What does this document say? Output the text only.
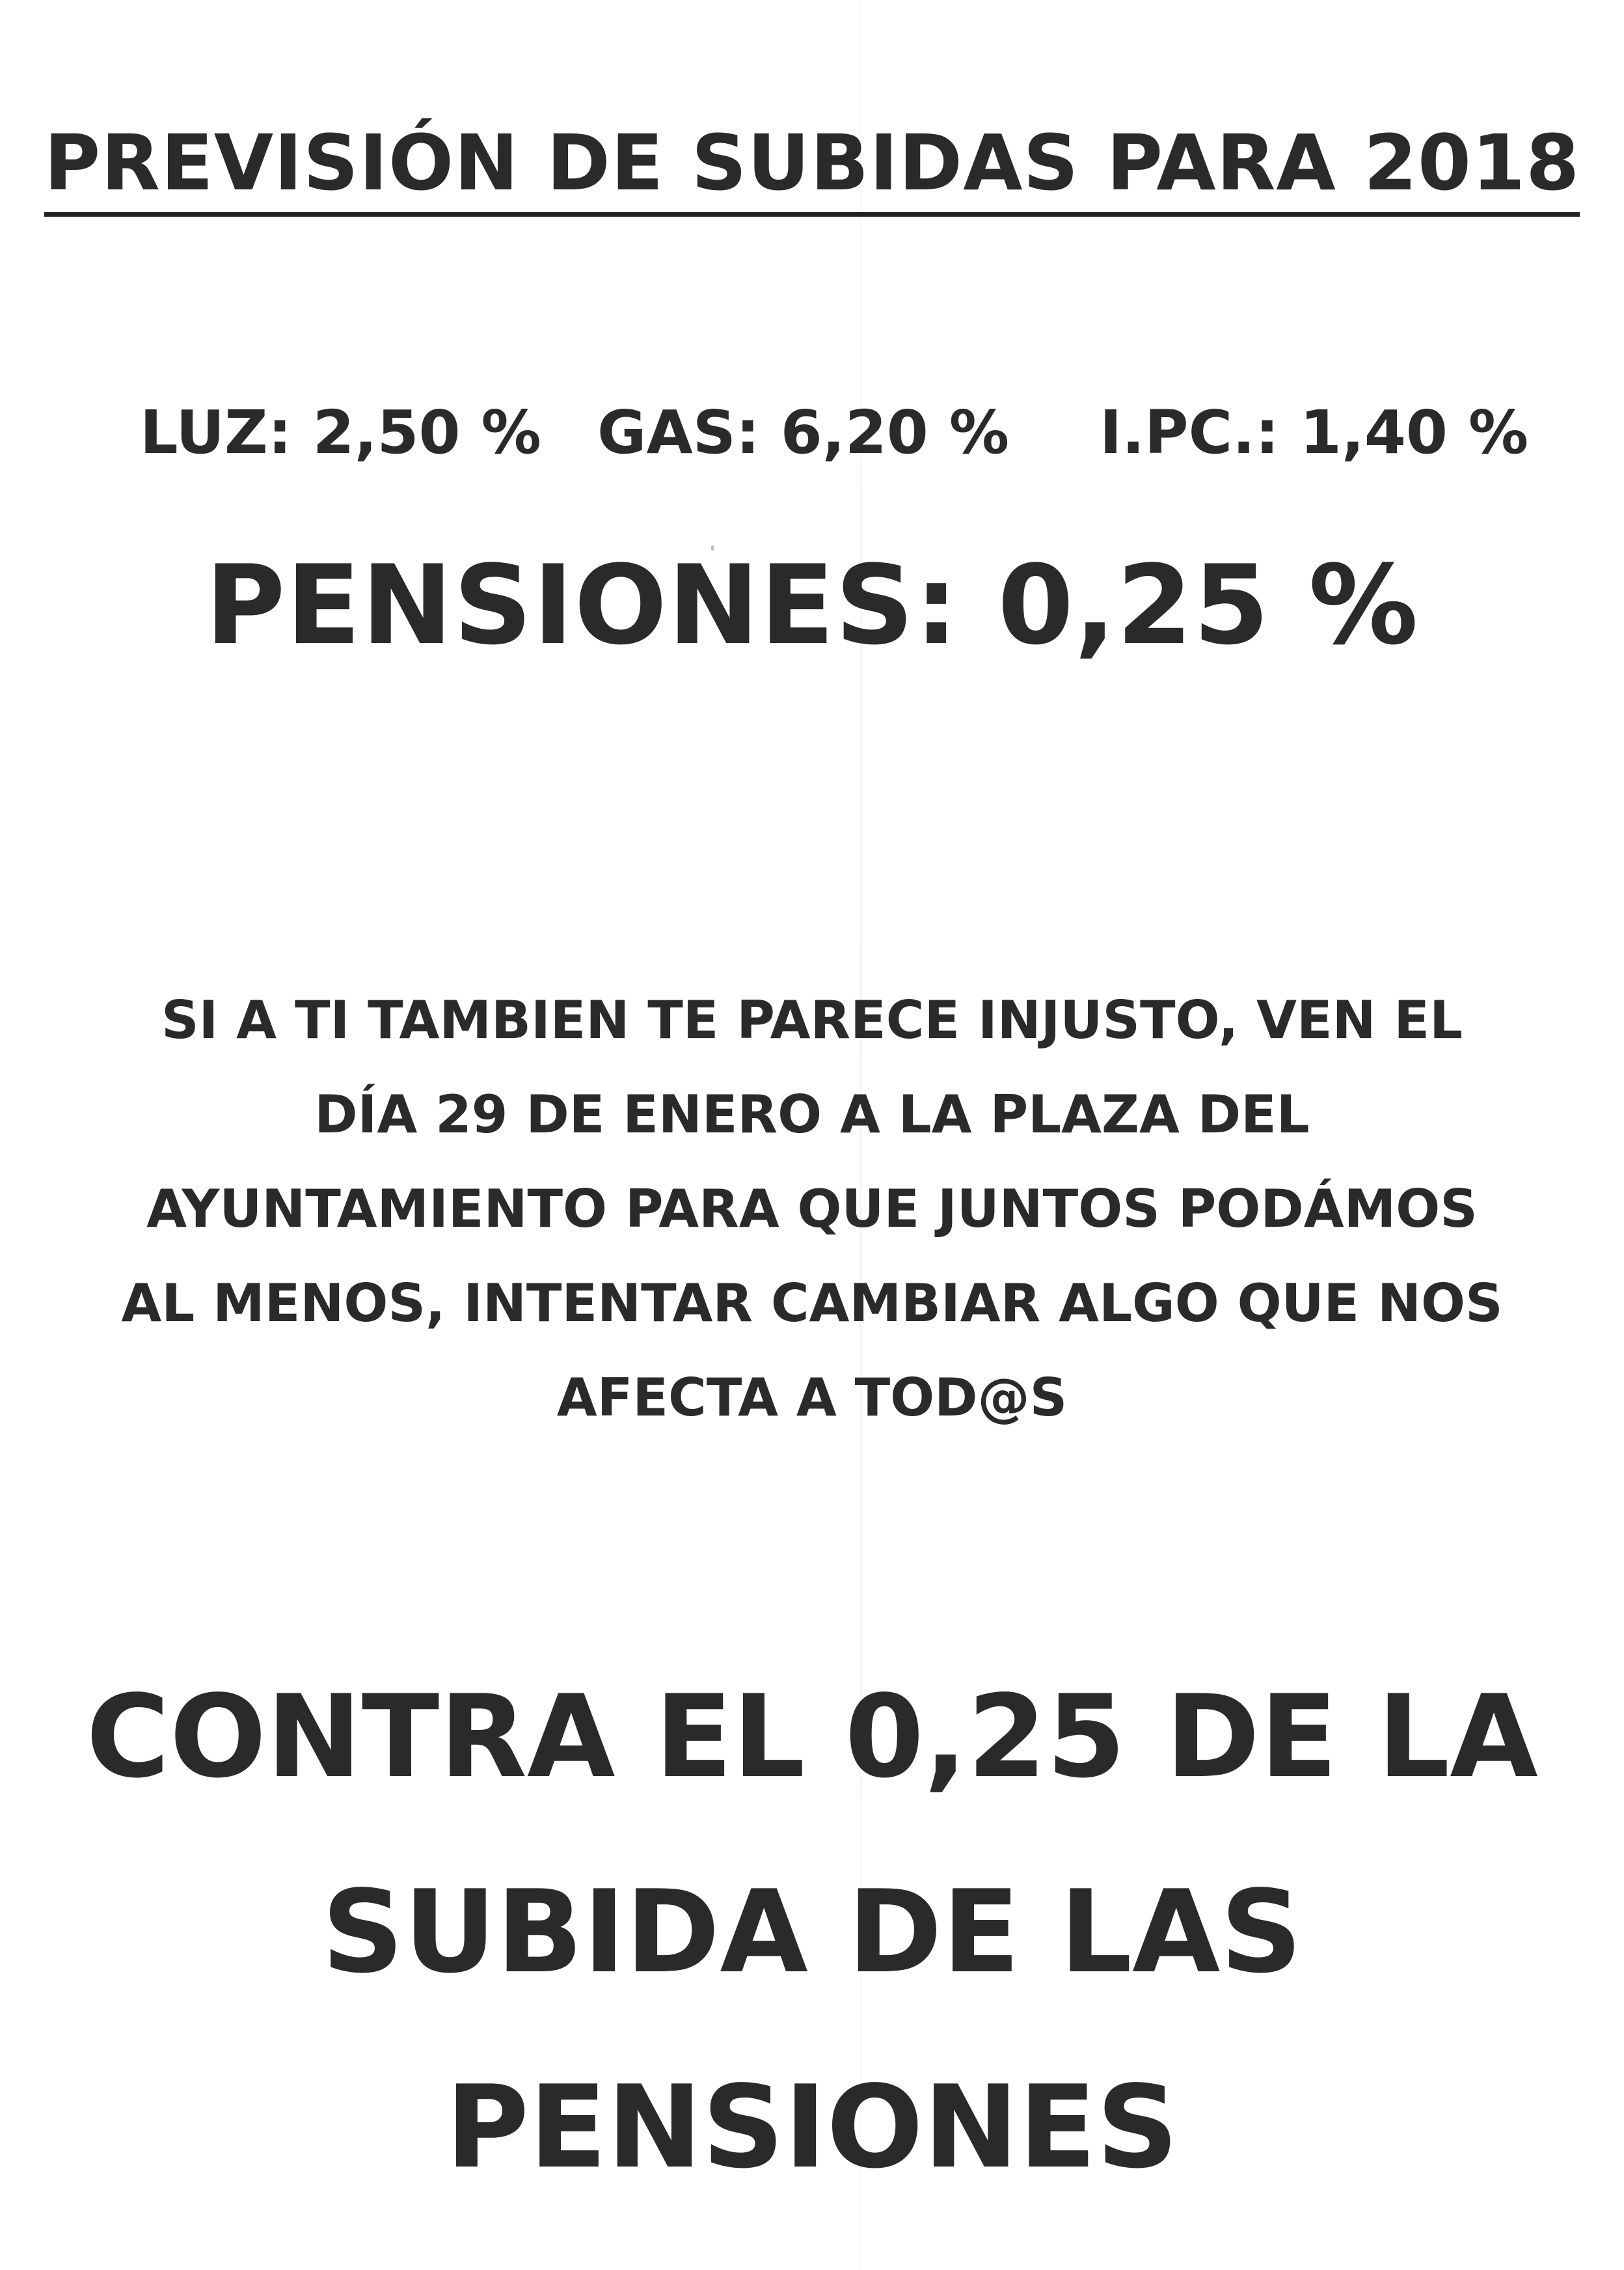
PREVISIÓN DE SUBIDAS PARA 2018
LUZ: 2,50 % GAS: 6,20 % I.PC.: 1,40 %
PENSIONES: 0,25 %
SI A TI TAMBIEN TE PARECE INJUSTO, VEN EL
DÍA 29 DE ENERO A LA PLAZA DEL
AYUNTAMIENTO PARA QUE JUNTOS PODÁMOS
AL MENOS, INTENTAR CAMBIAR ALGO QUE NOS
AFECTA A TOD@S
CONTRA EL 0,25 DE LA
SUBIDA DE LAS
PENSIONES
